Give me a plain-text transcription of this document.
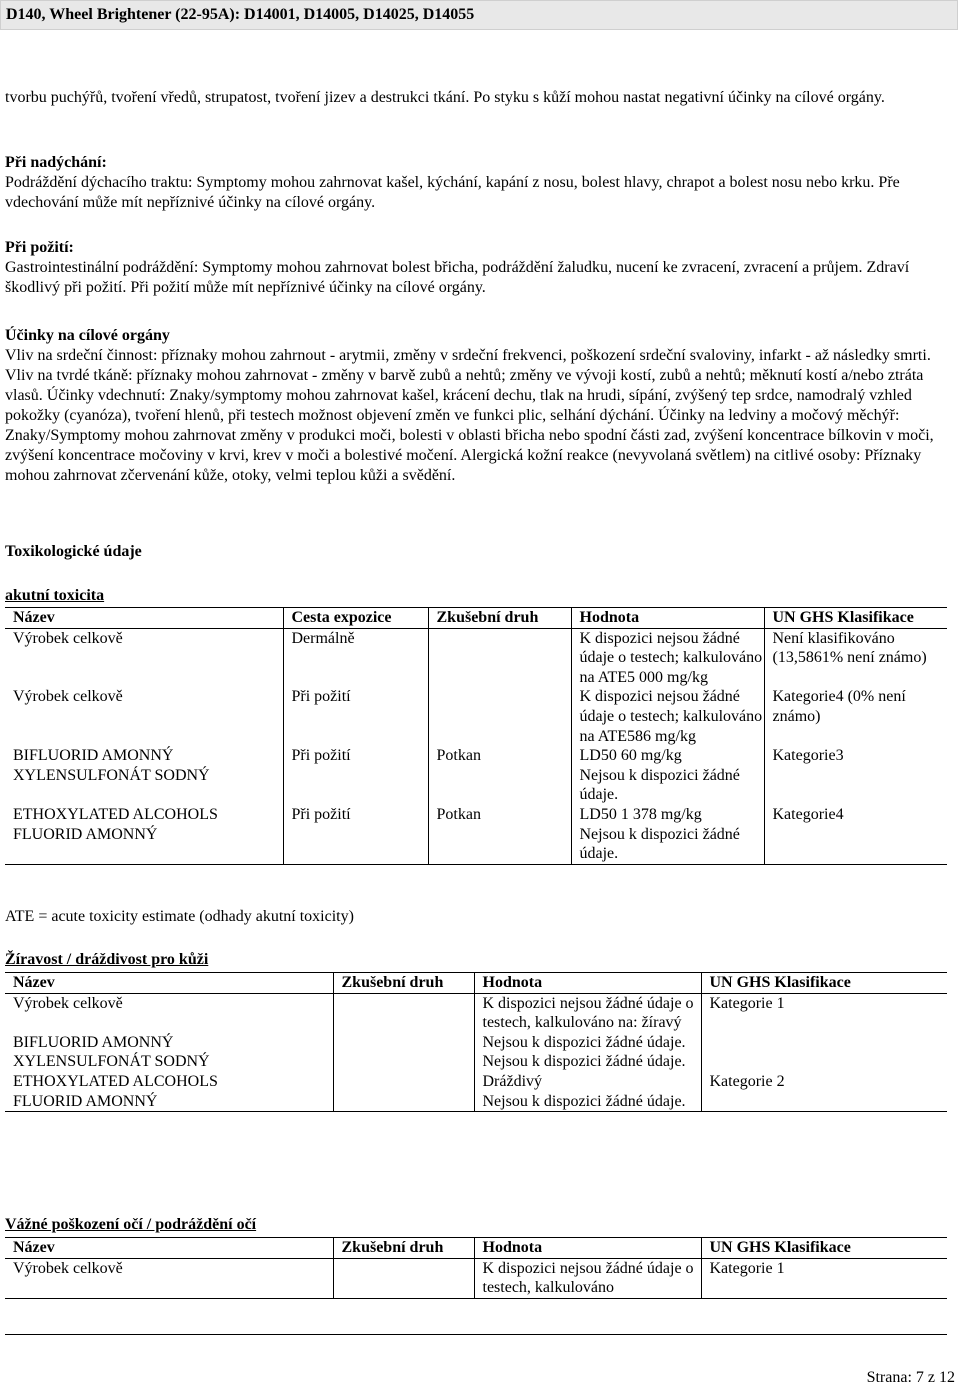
D140, Wheel Brightener (22-95A): D14001, D14005, D14025, D14055
tvorbu puchýřů, tvoření vředů, strupatost, tvoření jizev a destrukci tkání. Po styku s kůží mohou nastat negativní účinky na cílové orgány.
Při nadýchání:
Podráždění dýchacího traktu: Symptomy mohou zahrnovat kašel, kýchání, kapání z nosu, bolest hlavy, chrapot a bolest nosu nebo krku. Pře vdechování může mít nepříznivé účinky na cílové orgány.
Při požití:
Gastrointestinální podráždění: Symptomy mohou zahrnovat bolest břicha, podráždění žaludku, nucení ke zvracení, zvracení a průjem. Zdraví škodlivý při požití. Při požití může mít nepříznivé účinky na cílové orgány.
Účinky na cílové orgány
Vliv na srdeční činnost: příznaky mohou zahrnout - arytmii, změny v srdeční frekvenci, poškození srdeční svaloviny, infarkt - až následky smrti. Vliv na tvrdé tkáně: příznaky mohou zahrnovat - změny v barvě zubů a nehtů; změny ve vývoji kostí, zubů a nehtů; měknutí kostí a/nebo ztráta vlasů. Účinky vdechnutí: Znaky/symptomy mohou zahrnovat kašel, krácení dechu, tlak na hrudi, sípání, zvýšený tep srdce, namodralý vzhled pokožky (cyanóza), tvoření hlenů, při testech možnost objevení změn ve funkci plic, selhání dýchání. Účinky na ledviny a močový měchýř: Znaky/Symptomy mohou zahrnovat změny v produkci moči, bolesti v oblasti břicha nebo spodní části zad, zvýšení koncentrace bílkovin v moči, zvýšení koncentrace močoviny v krvi, krev v moči a bolestivé močení. Alergická kožní reakce (nevyvolaná světlem) na citlivé osoby: Příznaky mohou zahrnovat zčervenání kůže, otoky, velmi teplou kůži a svědění.
Toxikologické údaje
akutní toxicita
Název	Cesta expozice	Zkušební druh	Hodnota	UN GHS Klasifikace
Výrobek celkově	Dermálně		K dispozici nejsou žádné údaje o testech; kalkulováno na ATE5 000 mg/kg	Není klasifikováno (13,5861% není známo)
Výrobek celkově	Při požití		K dispozici nejsou žádné údaje o testech; kalkulováno na ATE586 mg/kg	Kategorie4 (0% není známo)
BIFLUORID AMONNÝ	Při požití	Potkan	LD50 60 mg/kg	Kategorie3
XYLENSULFONÁT SODNÝ			Nejsou k dispozici žádné údaje.	
ETHOXYLATED ALCOHOLS	Při požití	Potkan	LD50 1 378 mg/kg	Kategorie4
FLUORID AMONNÝ			Nejsou k dispozici žádné údaje.	
ATE = acute toxicity estimate (odhady akutní toxicity)
Žíravost / dráždivost pro kůži
Název	Zkušební druh	Hodnota	UN GHS Klasifikace
Výrobek celkově		K dispozici nejsou žádné údaje o testech, kalkulováno na: žíravý	Kategorie 1
BIFLUORID AMONNÝ		Nejsou k dispozici žádné údaje.	
XYLENSULFONÁT SODNÝ		Nejsou k dispozici žádné údaje.	
ETHOXYLATED ALCOHOLS		Dráždivý	Kategorie 2
FLUORID AMONNÝ		Nejsou k dispozici žádné údaje.	
Vážné poškození očí / podráždění očí
Název	Zkušební druh	Hodnota	UN GHS Klasifikace
Výrobek celkově		K dispozici nejsou žádné údaje o testech, kalkulováno	Kategorie 1
Strana: 7 z 12
